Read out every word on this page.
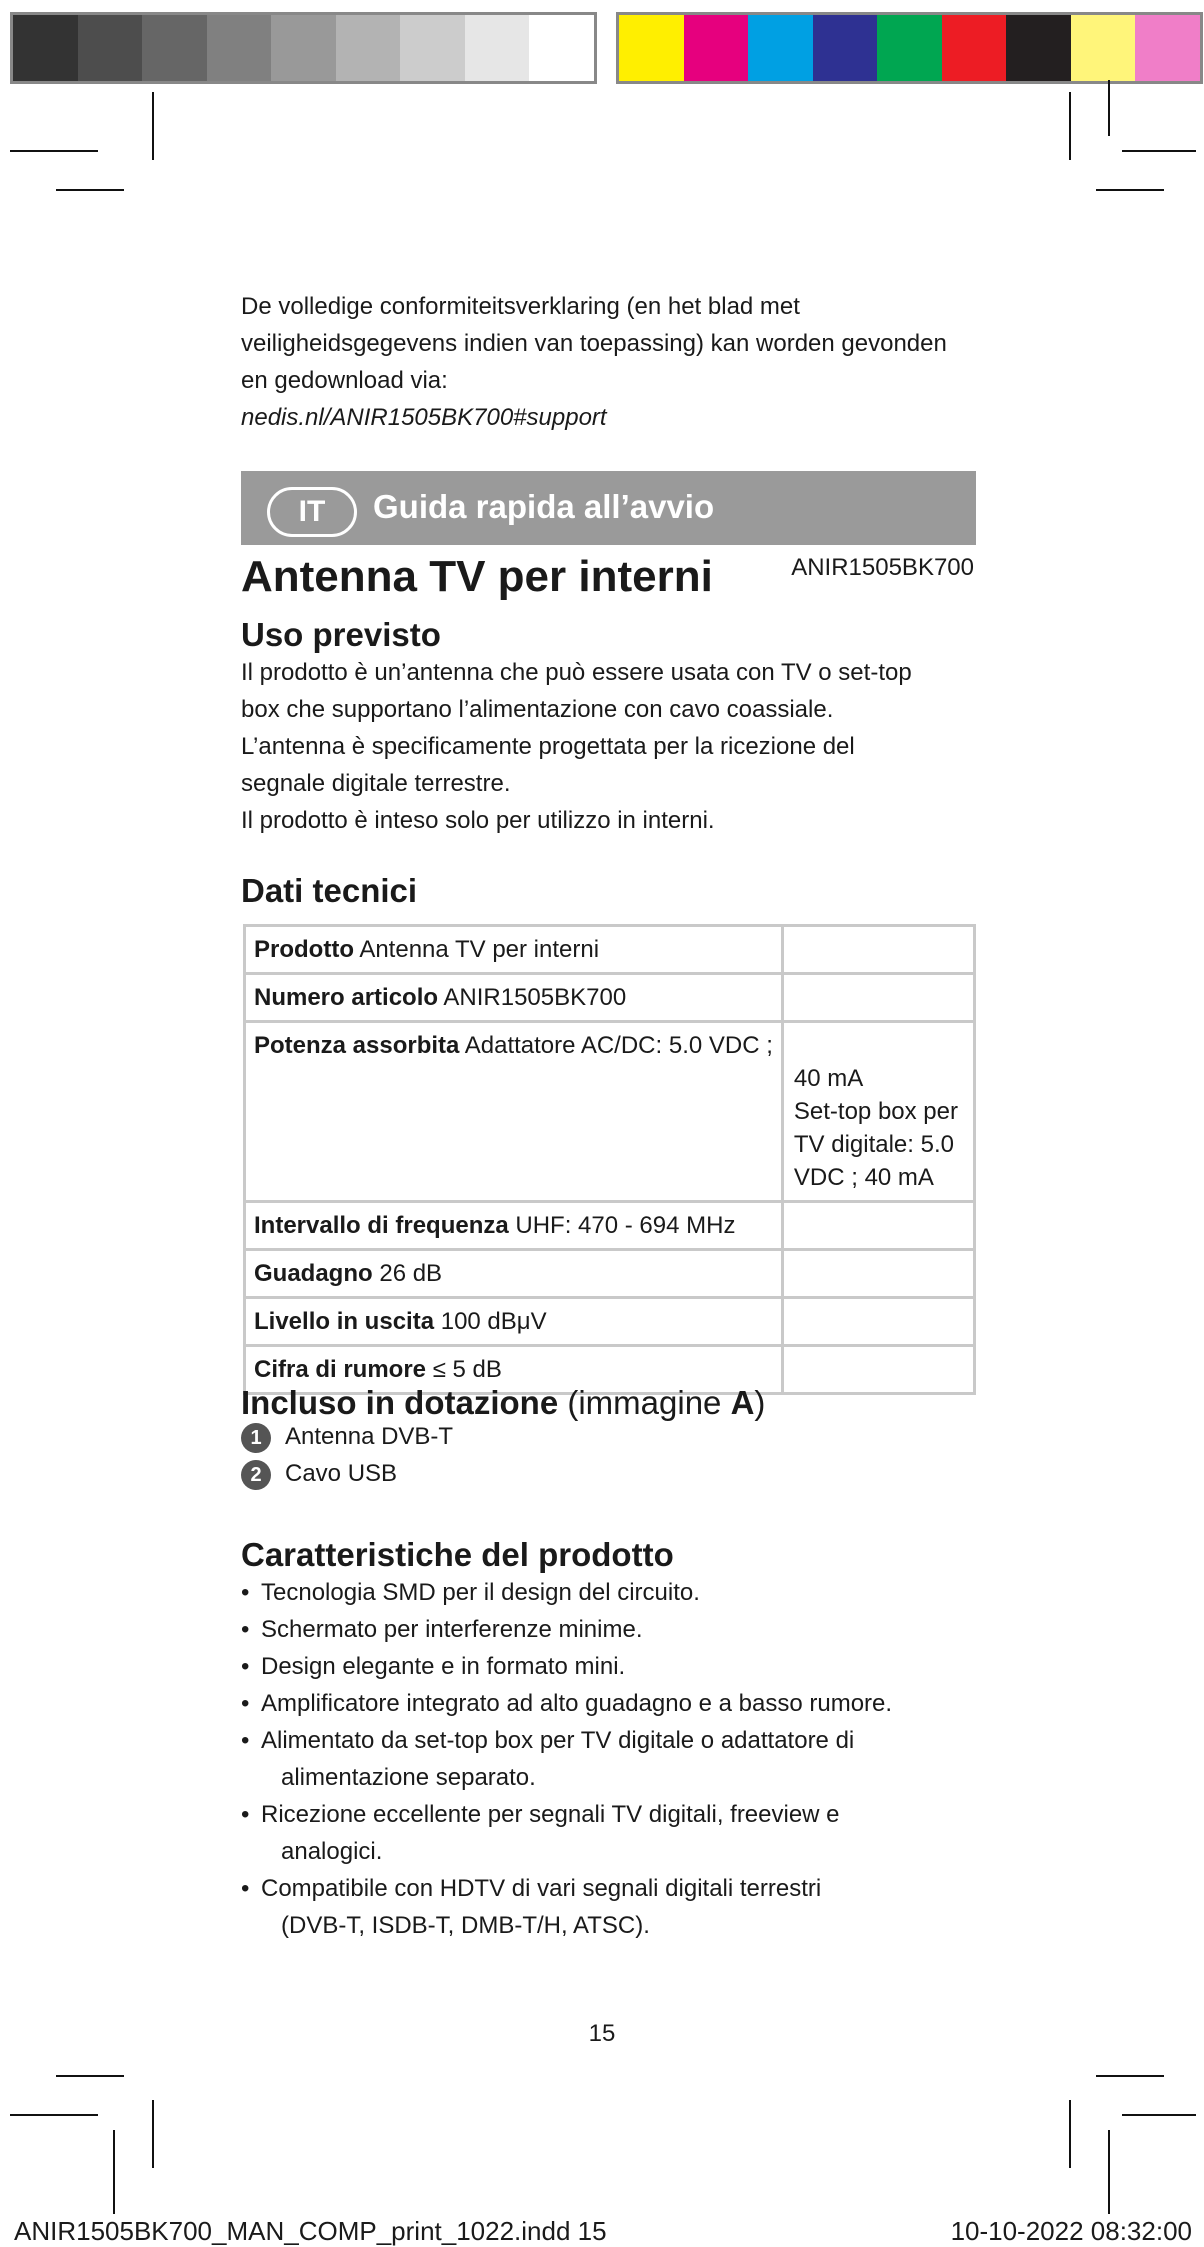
De volledige conformiteitsverklaring (en het blad met veiligheidsgegevens indien van toepassing) kan worden gevonden en gedownload via:
nedis.nl/ANIR1505BK700#support
IT	Guida rapida all’avvio
Antenna TV per interni	ANIR1505BK700
Uso previsto
Il prodotto è un’antenna che può essere usata con TV o set-top
box che supportano l’alimentazione con cavo coassiale.
L’antenna è specificamente progettata per la ricezione del
segnale digitale terrestre.
Il prodotto è inteso solo per utilizzo in interni.
Dati tecnici
Prodotto Antenna TV per interni	
Numero articolo ANIR1505BK700	
Potenza assorbita Adattatore AC/DC: 5.0 VDC ;	40 mA
Set-top box per TV digitale: 5.0
VDC ; 40 mA

Intervallo di frequenza UHF: 470 - 694 MHz	
Guadagno 26 dB	
Livello in uscita 100 dBμV	
Cifra di rumore ≤ 5 dB	
Incluso in dotazione (immagine A)
1 Antenna DVB-T
2 Cavo USB
Caratteristiche del prodotto
• Tecnologia SMD per il design del circuito.
• Schermato per interferenze minime.
• Design elegante e in formato mini.
• Amplificatore integrato ad alto guadagno e a basso rumore.
• Alimentato da set-top box per TV digitale o adattatore di
alimentazione separato.
• Ricezione eccellente per segnali TV digitali, freeview e
analogici.
• Compatibile con HDTV di vari segnali digitali terrestri
(DVB-T, ISDB-T, DMB-T/H, ATSC).
15
ANIR1505BK700_MAN_COMP_print_1022.indd 15	10-10-2022 08:32:00
